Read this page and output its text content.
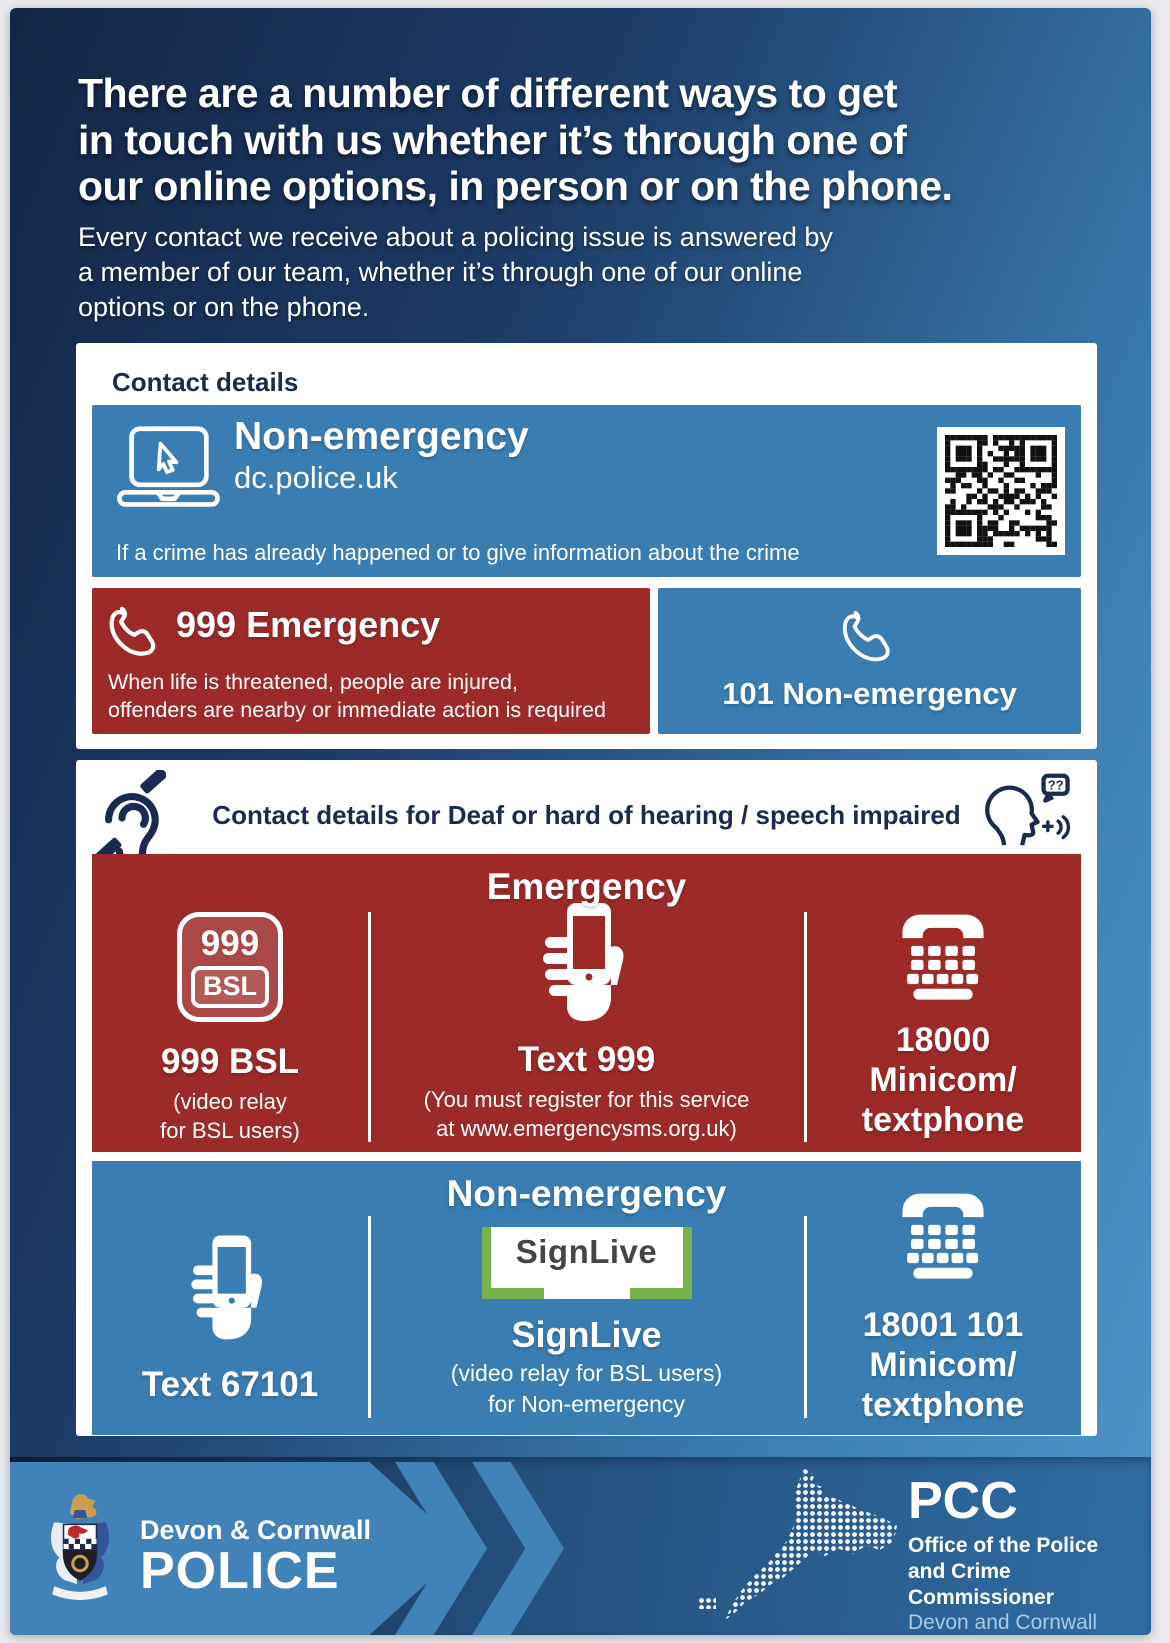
There are a number of different ways to get
in touch with us whether it’s through one of
our online options, in person or on the phone.
Every contact we receive about a policing issue is answered by
a member of our team, whether it’s through one of our online
options or on the phone.
Contact details
Non-emergency

dc.police.uk

If a crime has already happened or to give information about the crime
999 Emergency
When life is threatened, people are injured,
offenders are nearby or immediate action is required	101 Non-emergency
Contact details for Deaf or hard of hearing / speech impaired
??
999
BSL
999 BSL
(video relay
for BSL users)
Text 999
(You must register for this service
at www.emergencysms.org.uk)
18000
Minicom/
textphone
Emergency
Text 67101
SignLive
SignLive
(video relay for BSL users)
for Non-emergency
18001 101
Minicom/
textphone
Non-emergency
Devon & Cornwall
POLICE
PCC
Office of the Police
and Crime Commissioner
Devon and Cornwall
